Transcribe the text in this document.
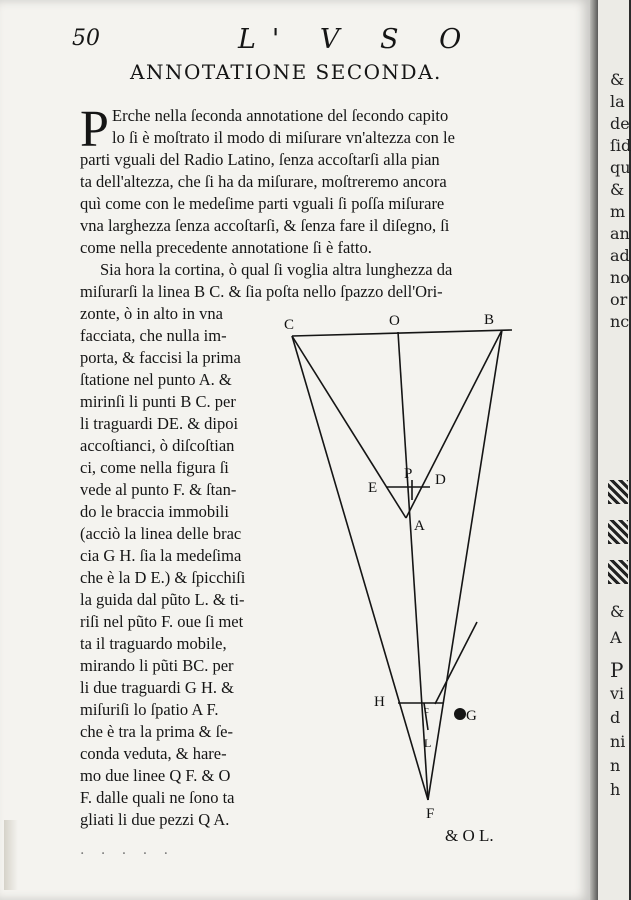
50	L' V S O
ANNOTATIONE SECONDA.
P Erche nella ſeconda annotatione del ſecondo capito
lo ſi è moſtrato il modo di miſurare vn'altezza con le
parti vguali del Radio Latino, ſenza accoſtarſi alla pian
ta dell'altezza, che ſi ha da miſurare, moſtreremo ancora
quì come con le medeſime parti vguali ſi poſſa miſurare
vna larghezza ſenza accoſtarſi, & ſenza fare il diſegno, ſi
come nella precedente annotatione ſi è fatto.
Sia hora la cortina, ò qual ſi voglia altra lunghezza da
miſurarſi la linea B C. & ſia poſta nello ſpazzo dell'Ori-
zonte, ò in alto in vna
facciata, che nulla im-
porta, & faccisi la prima
ſtatione nel punto A. &
mirinſi li punti B C. per
li traguardi DE. & dipoi
accoſtianci, ò diſcoſtian
ci, come nella figura ſi
vede al punto F. & ſtan-
do le braccia immobili
(acciò la linea delle brac
cia G H. ſia la medeſima
che è la D E.) & ſpicchiſi
la guida dal pũto L. & ti-
riſi nel pũto F. oue ſi met
ta il traguardo mobile,
mirando li pũti BC. per
li due traguardi G H. &
miſuriſi lo ſpatio A F.
che è tra la prima & ſe-
conda veduta, & hare-
mo due linee Q F. & O
F. dalle quali ne ſono ta
gliati li due pezzi Q A.
· · · · ·
& O L.
C	O	B
E
P D
A
H	c G
L
F
&
la
de
ſid
qu
&
m
an
ad
no
or
nc
&
A
P
vi
d
ni
n
h
